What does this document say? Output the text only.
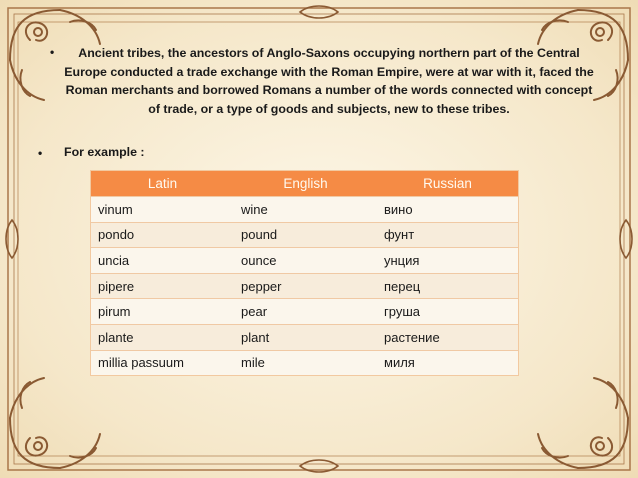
•	Ancient tribes, the ancestors of Anglo-Saxons occupying northern part of the Central Europe conducted a trade exchange with the Roman Empire, were at war with it, faced the Roman merchants and borrowed Romans a number of the words connected with concept of trade, or a type of goods and subjects, new to these tribes.
• For example :
Latin	English	Russian
vinum	wine	вино
pondo	pound	фунт
uncia	ounce	унция
pipere	pepper	перец
pirum	pear	груша
plante	plant	растение
millia passuum	mile	миля
